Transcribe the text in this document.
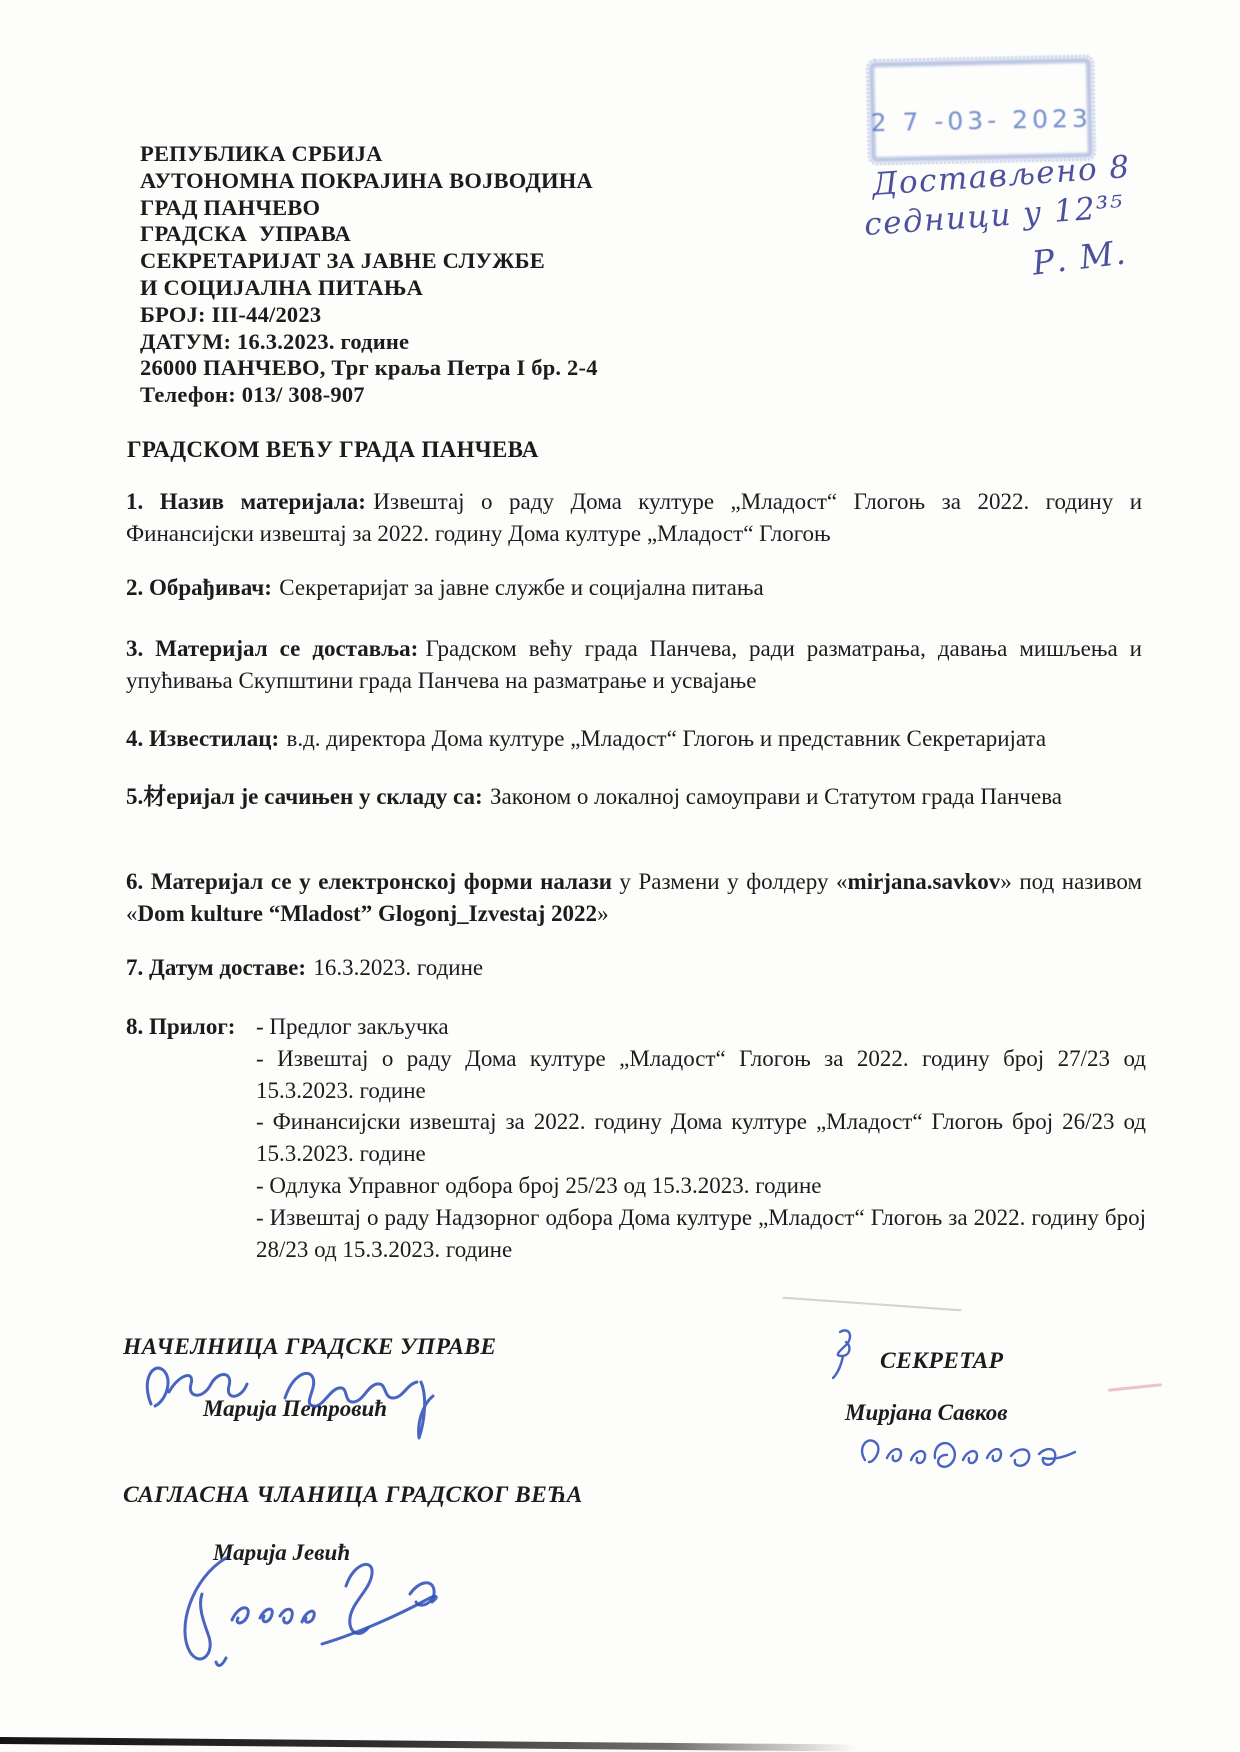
2 7 -03- 2023
Достављено 8
седници у 12³⁵
Р. М.
РЕПУБЛИКА СРБИЈА
АУТОНОМНА ПОКРАЈИНА ВОЈВОДИНА
ГРАД ПАНЧЕВО
ГРАДСКА  УПРАВА
СЕКРЕТАРИЈАТ ЗА ЈАВНЕ СЛУЖБЕ
И СОЦИЈАЛНА ПИТАЊА
БРОЈ: III-44/2023
ДАТУМ: 16.3.2023. године
26000 ПАНЧЕВО, Трг краља Петра I бр. 2-4
Телефон: 013/ 308-907
ГРАДСКОМ ВЕЋУ ГРАДА ПАНЧЕВА

1. Назив материјала: Извештај о раду Дома културе „Младост“ Глогоњ за 2022. годину и Финансијски извештај за 2022. годину Дома културе „Младост“ Глогоњ

2. Обрађивач: Секретаријат за јавне службе и социјална питања

3. Материјал се доставља: Градском већу града Панчева, ради разматрања, давања мишљења и упућивања Скупштини града Панчева на разматрање и усвајање

4. Известилац: в.д. директора Дома културе „Младост“ Глогоњ и представник Секретаријата

5.材еријал је сачињен у складу са: Законом о локалној самоуправи и Статутом града Панчева

6. Материјал се у електронској форми налази у Размени у фолдеру «mirjana.savkov» под називом «Dom kulture “Mladost” Glogonj_Izvestaj 2022»

7. Датум доставе: 16.3.2023. године

8. Прилог: - Предлог закључка
- Извештај о раду Дома културе „Младост“ Глогоњ за 2022. годину број 27/23 од 15.3.2023. године
- Финансијски извештај за 2022. годину Дома културе „Младост“ Глогоњ број 26/23 од 15.3.2023. године
- Одлука Управног одбора број 25/23 од 15.3.2023. године
- Извештај о раду Надзорног одбора Дома културе „Младост“ Глогоњ за 2022. годину број 28/23 од 15.3.2023. године
НАЧЕЛНИЦА ГРАДСКЕ УПРАВЕ
Марија Петровић
СЕКРЕТАР
Мирјана Савков
САГЛАСНА ЧЛАНИЦА ГРАДСКОГ ВЕЋА
Марија Јевић
